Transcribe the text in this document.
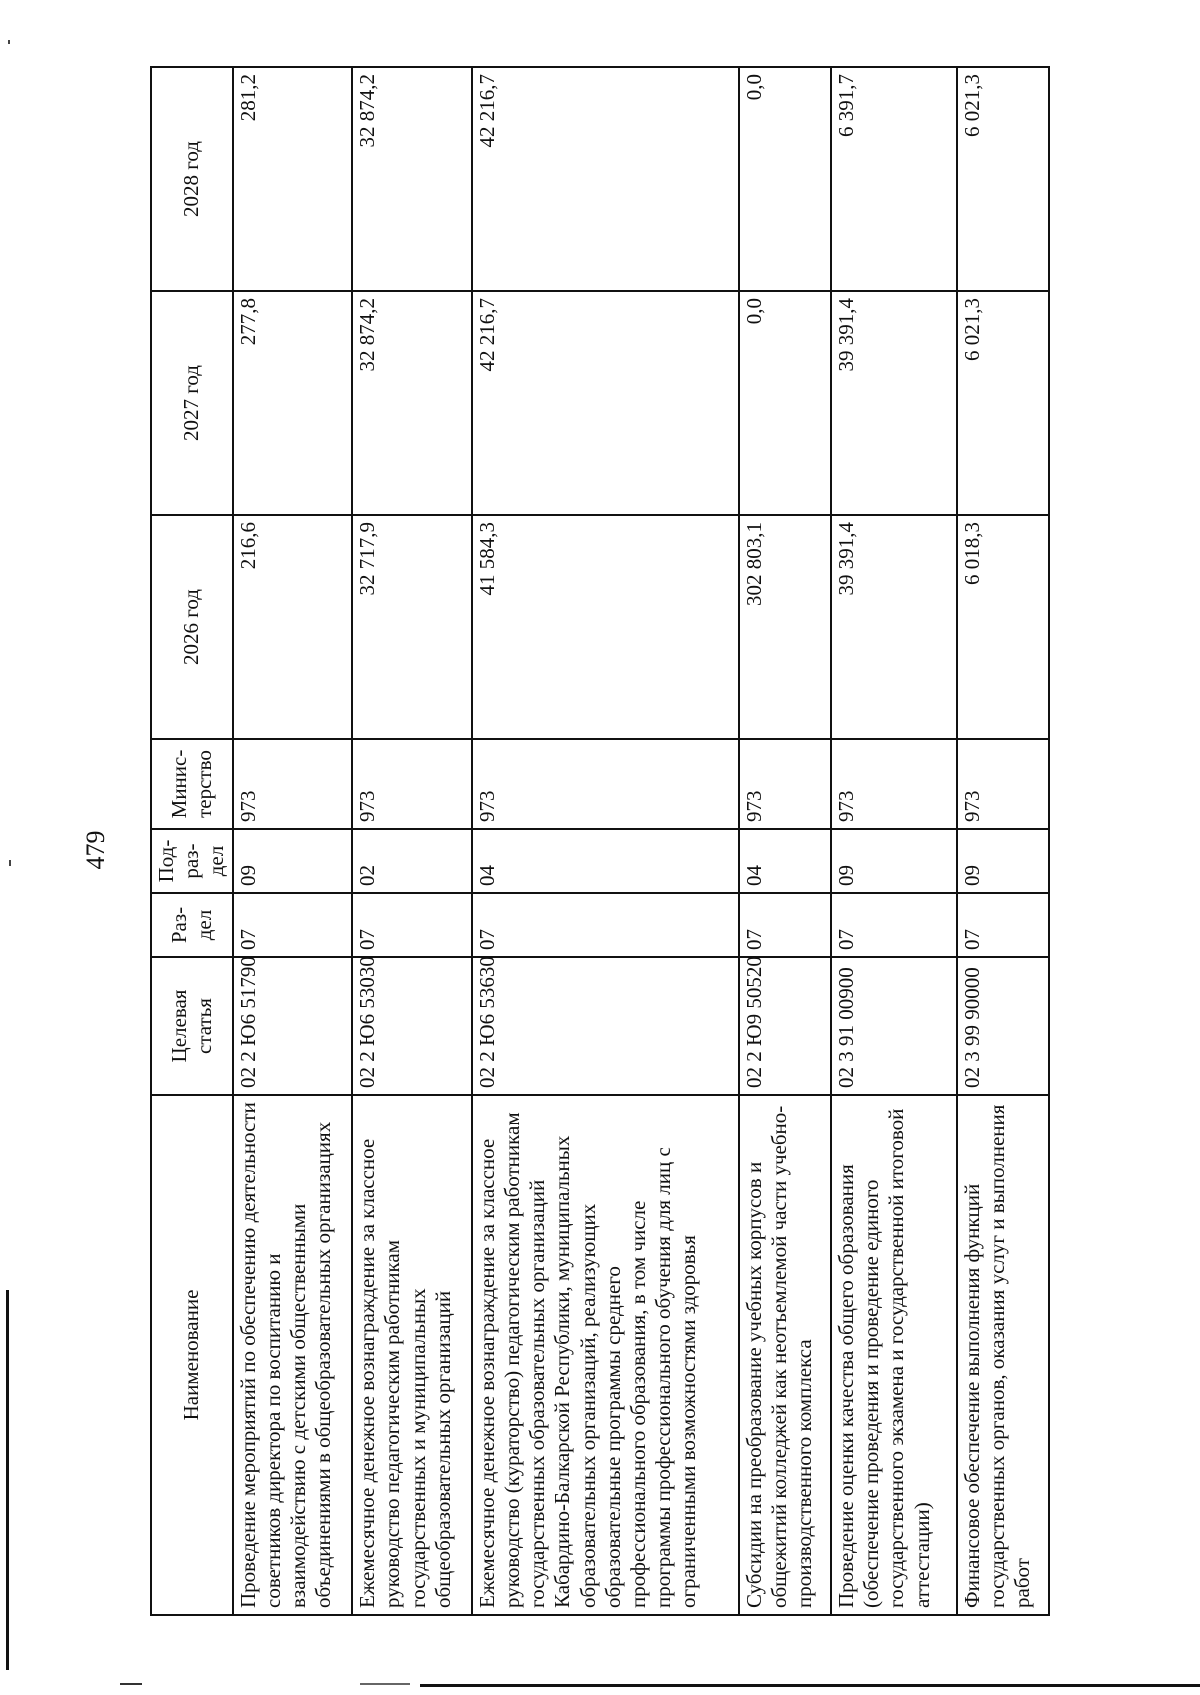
479
Наименование	Целевая статья	Раз-дел	Под-раз-дел	Минис-терство	2026 год	2027 год	2028 год
Проведение мероприятий по обеспечению деятельности советников директора по воспитанию и взаимодействию с детскими общественными объединениями в общеобразовательных организациях	02 2 Ю6 51790	07	09	973	216,6	277,8	281,2
Ежемесячное денежное вознаграждение за классное руководство педагогическим работникам государственных и муниципальных общеобразовательных организаций	02 2 Ю6 53030	07	02	973	32 717,9	32 874,2	32 874,2
Ежемесячное денежное вознаграждение за классное руководство (кураторство) педагогическим работникам государственных образовательных организаций Кабардино-Балкарской Республики, муниципальных образовательных организаций, реализующих образовательные программы среднего профессионального образования, в том числе программы профессионального обучения для лиц с ограниченными возможностями здоровья	02 2 Ю6 53630	07	04	973	41 584,3	42 216,7	42 216,7
Субсидии на преобразование учебных корпусов и общежитий колледжей как неотъемлемой части учебно-производственного комплекса	02 2 Ю9 50520	07	04	973	302 803,1	0,0	0,0
Проведение оценки качества общего образования (обеспечение проведения и проведение единого государственного экзамена и государственной итоговой аттестации)	02 3 91 00900	07	09	973	39 391,4	39 391,4	6 391,7
Финансовое обеспечение выполнения функций государственных органов, оказания услуг и выполнения работ	02 3 99 90000	07	09	973	6 018,3	6 021,3	6 021,3
